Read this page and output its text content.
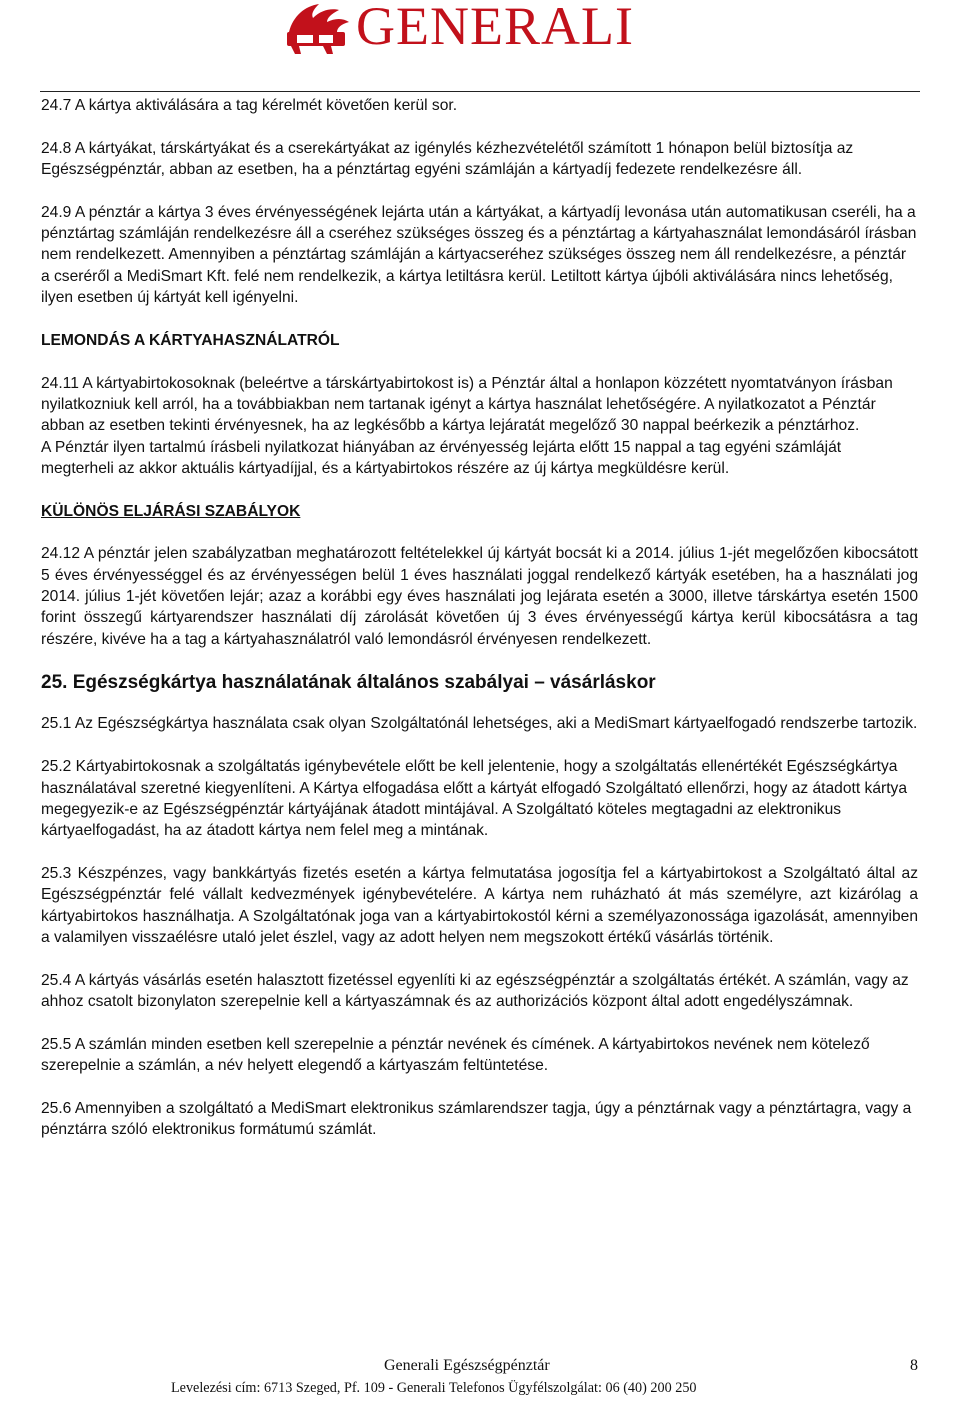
GENERALI

24.7 A kártya aktiválására a tag kérelmét követően kerül sor.

24.8 A kártyákat, társkártyákat és a cserekártyákat az igénylés kézhezvételétől számított 1 hónapon belül biztosítja az Egészségpénztár, abban az esetben, ha a pénztártag egyéni számláján a kártyadíj fedezete rendelkezésre áll.

24.9 A pénztár a kártya 3 éves érvényességének lejárta után a kártyákat, a kártyadíj levonása után automatikusan cseréli, ha a pénztártag számláján rendelkezésre áll a cseréhez szükséges összeg és a pénztártag a kártyahasználat lemondásáról írásban nem rendelkezett. Amennyiben a pénztártag számláján a kártyacseréhez szükséges összeg nem áll rendelkezésre, a pénztár a cseréről a MediSmart Kft. felé nem rendelkezik, a kártya letiltásra kerül. Letiltott kártya újbóli aktiválására nincs lehetőség, ilyen esetben új kártyát kell igényelni.

LEMONDÁS A KÁRTYAHASZNÁLATRÓL

24.11 A kártyabirtokosoknak (beleértve a társkártyabirtokost is) a Pénztár által a honlapon közzétett nyomtatványon írásban nyilatkozniuk kell arról, ha a továbbiakban nem tartanak igényt a kártya használat lehetőségére. A nyilatkozatot a Pénztár abban az esetben tekinti érvényesnek, ha az legkésőbb a kártya lejáratát megelőző 30 nappal beérkezik a pénztárhoz.
A Pénztár ilyen tartalmú írásbeli nyilatkozat hiányában az érvényesség lejárta előtt 15 nappal a tag egyéni számláját megterheli az akkor aktuális kártyadíjjal, és a kártyabirtokos részére az új kártya megküldésre kerül.

KÜLÖNÖS ELJÁRÁSI SZABÁLYOK

24.12 A pénztár jelen szabályzatban meghatározott feltételekkel új kártyát bocsát ki a 2014. július 1-jét megelőzően kibocsátott 5 éves érvényességgel és az érvényességen belül 1 éves használati joggal rendelkező kártyák esetében, ha a használati jog 2014. július 1-jét követően lejár; azaz a korábbi egy éves használati jog lejárata esetén a 3000, illetve társkártya esetén 1500 forint összegű kártyarendszer használati díj zárolását követően új 3 éves érvényességű kártya kerül kibocsátásra a tag részére, kivéve ha a tag a kártyahasználatról való lemondásról érvényesen rendelkezett.

25. Egészségkártya használatának általános szabályai – vásárláskor

25.1 Az Egészségkártya használata csak olyan Szolgáltatónál lehetséges, aki a MediSmart kártyaelfogadó rendszerbe tartozik.

25.2 Kártyabirtokosnak a szolgáltatás igénybevétele előtt be kell jelentenie, hogy a szolgáltatás ellenértékét Egészségkártya használatával szeretné kiegyenlíteni. A Kártya elfogadása előtt a kártyát elfogadó Szolgáltató ellenőrzi, hogy az átadott kártya megegyezik-e az Egészségpénztár kártyájának átadott mintájával. A Szolgáltató köteles megtagadni az elektronikus kártyaelfogadást, ha az átadott kártya nem felel meg a mintának.

25.3 Készpénzes, vagy bankkártyás fizetés esetén a kártya felmutatása jogosítja fel a kártyabirtokost a Szolgáltató által az Egészségpénztár felé vállalt kedvezmények igénybevételére. A kártya nem ruházható át más személyre, azt kizárólag a kártyabirtokos használhatja. A Szolgáltatónak joga van a kártyabirtokostól kérni a személyazonossága igazolását, amennyiben a valamilyen visszaélésre utaló jelet észlel, vagy az adott helyen nem megszokott értékű vásárlás történik.

25.4 A kártyás vásárlás esetén halasztott fizetéssel egyenlíti ki az egészségpénztár a szolgáltatás értékét. A számlán, vagy az ahhoz csatolt bizonylaton szerepelnie kell a kártyaszámnak és az authorizációs központ által adott engedélyszámnak.

25.5 A számlán minden esetben kell szerepelnie a pénztár nevének és címének. A kártyabirtokos nevének nem kötelező szerepelnie a számlán, a név helyett elegendő a kártyaszám feltüntetése.

25.6 Amennyiben a szolgáltató a MediSmart elektronikus számlarendszer tagja, úgy a pénztárnak vagy a pénztártagra, vagy a pénztárra szóló elektronikus formátumú számlát.

Generali Egészségpénztár	8
Levelezési cím: 6713 Szeged, Pf. 109 - Generali Telefonos Ügyfélszolgálat: 06 (40) 200 250
